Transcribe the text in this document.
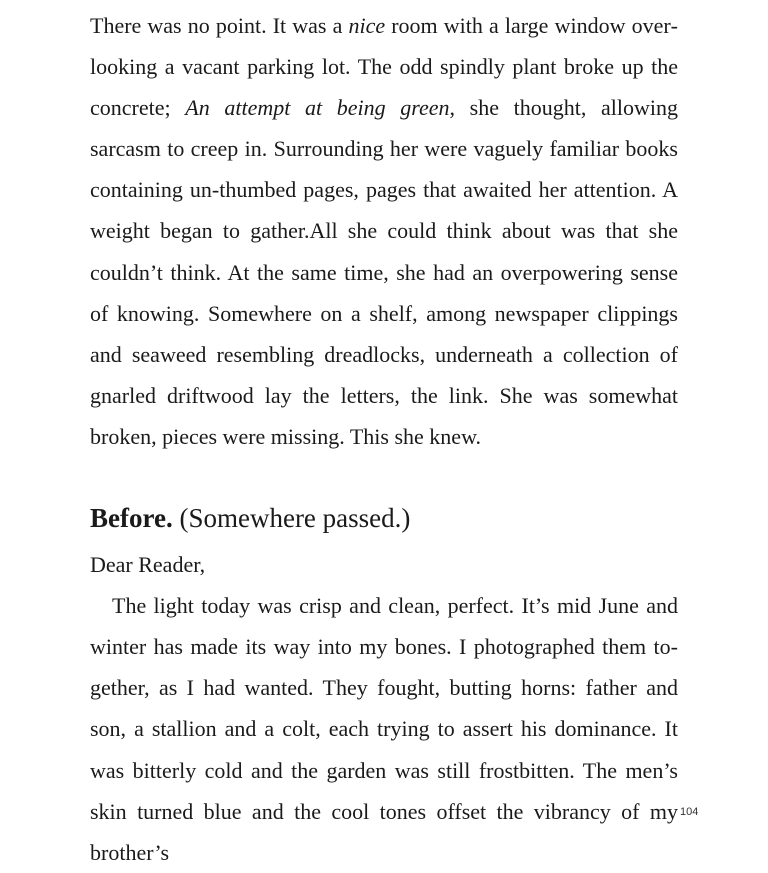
There was no point. It was a nice room with a large window overlooking a vacant parking lot. The odd spindly plant broke up the concrete; An attempt at being green, she thought, allowing sarcasm to creep in. Surrounding her were vaguely familiar books containing un-thumbed pages, pages that awaited her attention. A weight began to gather.All she could think about was that she couldn’t think. At the same time, she had an overpowering sense of knowing. Somewhere on a shelf, among newspaper clippings and seaweed resembling dreadlocks, underneath a collection of gnarled driftwood lay the letters, the link. She was somewhat broken, pieces were missing. This she knew.

Before. (Somewhere passed.)

Dear Reader,

The light today was crisp and clean, perfect. It’s mid June and winter has made its way into my bones. I photographed them together, as I had wanted. They fought, butting horns: father and son, a stallion and a colt, each trying to assert his dominance. It was bitterly cold and the garden was still frostbitten. The men’s skin turned blue and the cool tones offset the vibrancy of my brother’s

104
